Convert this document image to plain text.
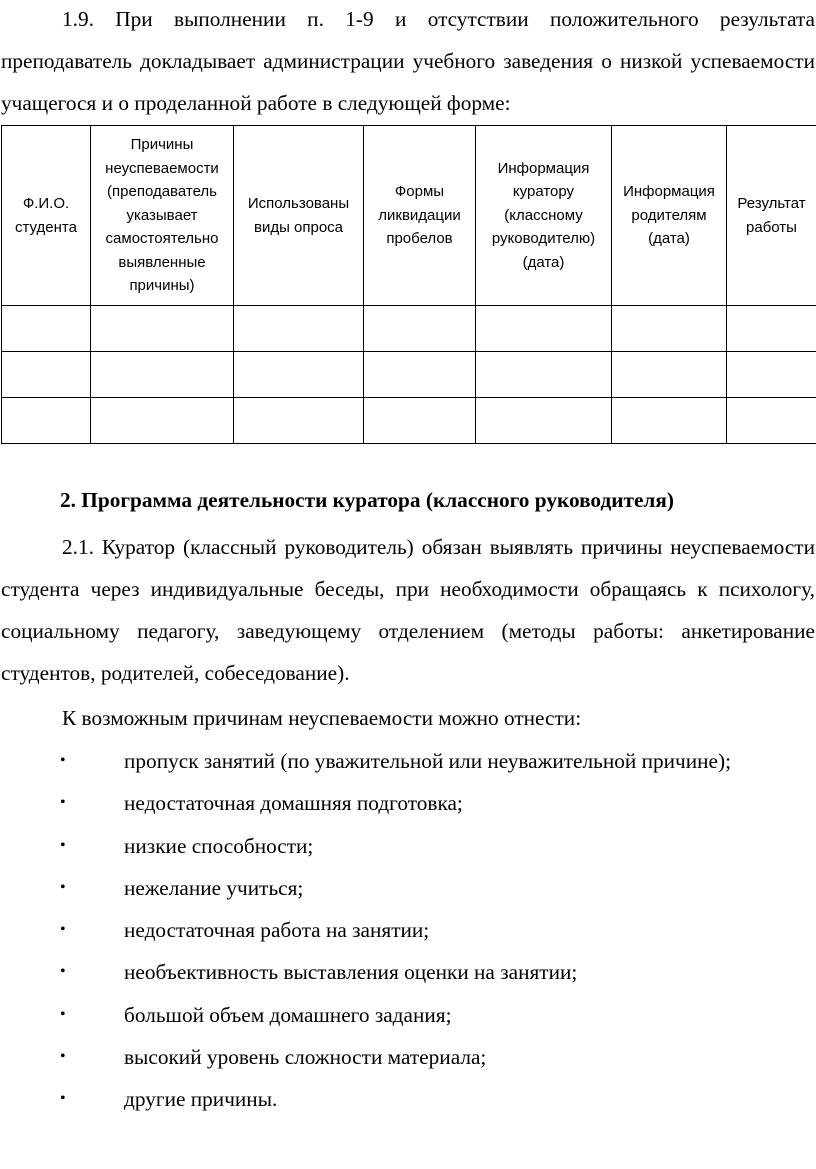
1.9. При выполнении п. 1-9 и отсутствии положительного результата преподаватель докладывает администрации учебного заведения о низкой успеваемости учащегося и о проделанной работе в следующей форме:

Ф.И.О. студента	Причины неуспеваемости (преподаватель указывает самостоятельно выявленные причины)	Использованы виды опроса	Формы ликвидации пробелов	Информация куратору (классному руководителю) (дата)	Информация родителям (дата)	Результат работы

2. Программа деятельности куратора (классного руководителя)

2.1. Куратор (классный руководитель) обязан выявлять причины неуспеваемости студента через индивидуальные беседы, при необходимости обращаясь к психологу, социальному педагогу, заведующему отделением (методы работы: анкетирование студентов, родителей, собеседование).

К возможным причинам неуспеваемости можно отнести:

•	пропуск занятий (по уважительной или неуважительной причине);
•	недостаточная домашняя подготовка;
•	низкие способности;
•	нежелание учиться;
•	недостаточная работа на занятии;
•	необъективность выставления оценки на занятии;
•	большой объем домашнего задания;
•	высокий уровень сложности материала;
•	другие причины.
